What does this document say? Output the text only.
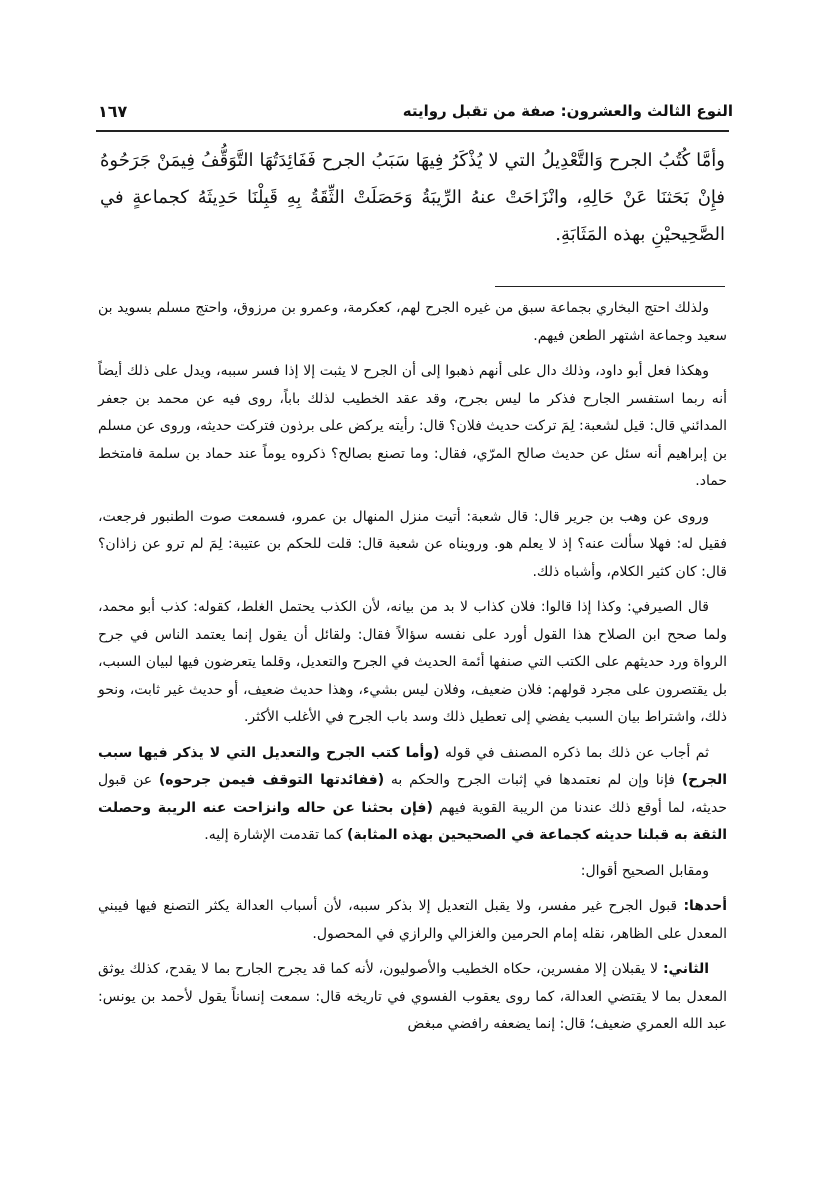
النوع الثالث والعشرون: صفة من تقبل روايته
١٦٧

وأمَّا كُتُبُ الجرح وَالتَّعْدِيلُ التي لا يُذْكَرُ فِيهَا سَبَبُ الجرح فَفَائِدَتُهَا التَّوَقُّفُ فِيمَنْ جَرَحُوهُ فإِنْ بَحَثنَا عَنْ حَالِهِ، وانْزَاحَتْ عنهُ الرِّيبَةُ وَحَصَلَتْ الثِّقَةُ بِهِ قَبِلْنَا حَدِيثَهُ كجماعةٍ في الصَّحِيحيْنِ بهذه المَثَابَةِ.

ولذلك احتج البخاري بجماعة سبق من غيره الجرح لهم، كعكرمة، وعمرو بن مرزوق، واحتج مسلم بسويد بن سعيد وجماعة اشتهر الطعن فيهم.

وهكذا فعل أبو داود، وذلك دال على أنهم ذهبوا إلى أن الجرح لا يثبت إلا إذا فسر سببه، ويدل على ذلك أيضاً أنه ربما استفسر الجارح فذكر ما ليس بجرح، وقد عقد الخطيب لذلك باباً، روى فيه عن محمد بن جعفر المدائني قال: قيل لشعبة: لِمَ تركت حديث فلان؟ قال: رأيته يركض على برذون فتركت حديثه، وروى عن مسلم بن إبراهيم أنه سئل عن حديث صالح المرّي، فقال: وما تصنع بصالح؟ ذكروه يوماً عند حماد بن سلمة فامتخط حماد.

وروى عن وهب بن جرير قال: قال شعبة: أتيت منزل المنهال بن عمرو، فسمعت صوت الطنبور فرجعت، فقيل له: فهلا سألت عنه؟ إذ لا يعلم هو. ورويناه عن شعبة قال: قلت للحكم بن عتيبة: لِمَ لم ترو عن زاذان؟ قال: كان كثير الكلام، وأشباه ذلك.

قال الصيرفي: وكذا إذا قالوا: فلان كذاب لا بد من بيانه، لأن الكذب يحتمل الغلط، كقوله: كذب أبو محمد، ولما صحح ابن الصلاح هذا القول أورد على نفسه سؤالاً فقال: ولقائل أن يقول إنما يعتمد الناس في جرح الرواة ورد حديثهم على الكتب التي صنفها أئمة الحديث في الجرح والتعديل، وقلما يتعرضون فيها لبيان السبب، بل يقتصرون على مجرد قولهم: فلان ضعيف، وفلان ليس بشيء، وهذا حديث ضعيف، أو حديث غير ثابت، ونحو ذلك، واشتراط بيان السبب يفضي إلى تعطيل ذلك وسد باب الجرح في الأغلب الأكثر.

ثم أجاب عن ذلك بما ذكره المصنف في قوله (وأما كتب الجرح والتعديل التي لا يذكر فيها سبب الجرح) فإنا وإن لم نعتمدها في إثبات الجرح والحكم به (ففائدتها التوقف فيمن جرحوه) عن قبول حديثه، لما أوقع ذلك عندنا من الريبة القوية فيهم (فإن بحثنا عن حاله وانزاحت عنه الريبة وحصلت الثقة به قبلنا حديثه كجماعة في الصحيحين بهذه المثابة) كما تقدمت الإشارة إليه.

ومقابل الصحيح أقوال:

أحدها: قبول الجرح غير مفسر، ولا يقبل التعديل إلا بذكر سببه، لأن أسباب العدالة يكثر التصنع فيها فيبني المعدل على الظاهر، نقله إمام الحرمين والغزالي والرازي في المحصول.

الثاني: لا يقبلان إلا مفسرين، حكاه الخطيب والأصوليون، لأنه كما قد يجرح الجارح بما لا يقدح، كذلك يوثق المعدل بما لا يقتضي العدالة، كما روى يعقوب الفسوي في تاريخه قال: سمعت إنساناً يقول لأحمد بن يونس: عبد الله العمري ضعيف؛ قال: إنما يضعفه رافضي مبغض
